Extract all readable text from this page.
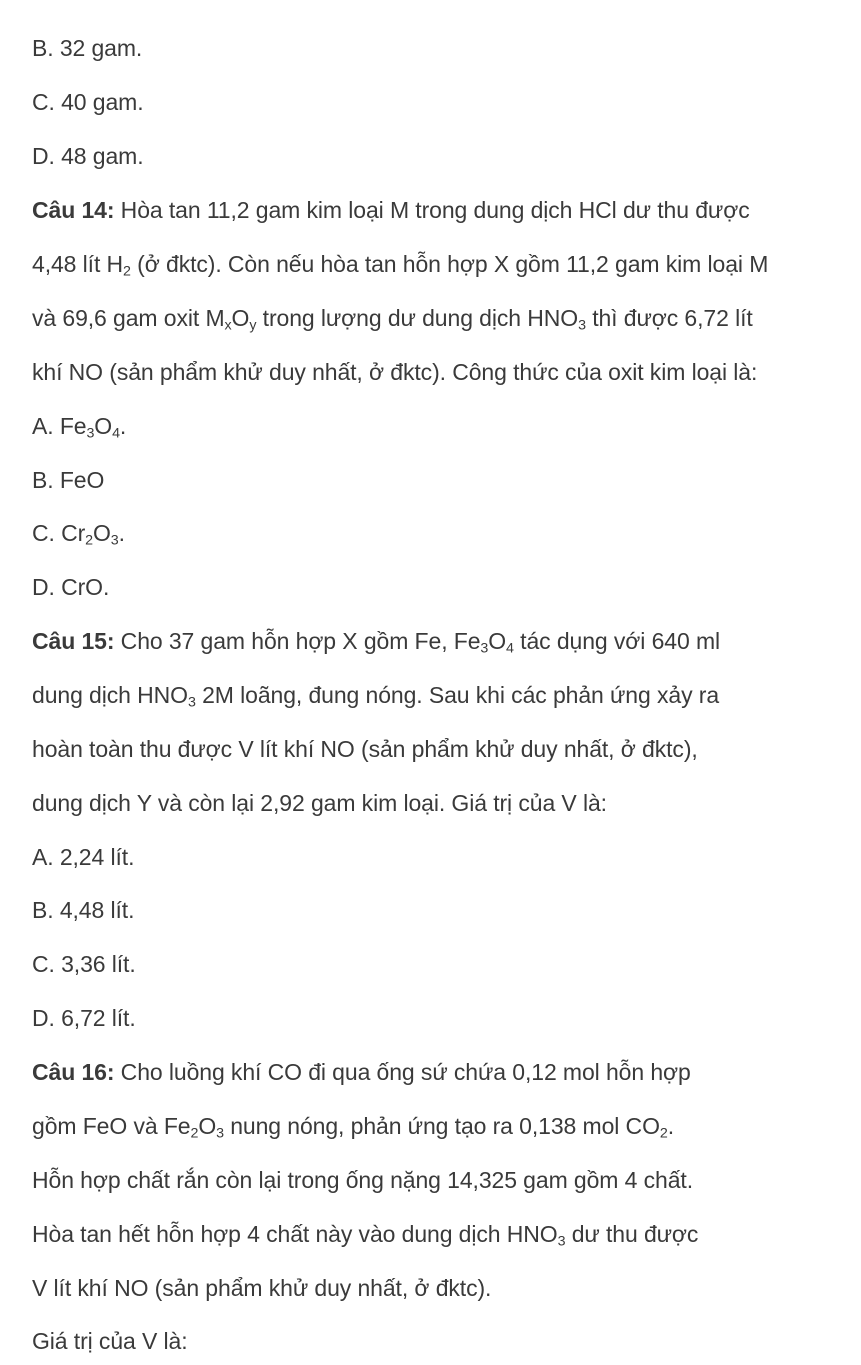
B. 32 gam.
C. 40 gam.
D. 48 gam.
Câu 14: Hòa tan 11,2 gam kim loại M trong dung dịch HCl dư thu được
4,48 lít $H_2$ (ở đktc). Còn nếu hòa tan hỗn hợp X gồm 11,2 gam kim loại M
và 69,6 gam oxit $M_xO_y$ trong lượng dư dung dịch $HNO_3$ thì được 6,72 lít
khí NO (sản phẩm khử duy nhất, ở đktc). Công thức của oxit kim loại là:
A. $Fe_3O_4$.
B. FeO
C. $Cr_2O_3$.
D. CrO.
Câu 15: Cho 37 gam hỗn hợp X gồm Fe, $Fe_3O_4$ tác dụng với 640 ml
dung dịch $HNO_3$ 2M loãng, đung nóng. Sau khi các phản ứng xảy ra
hoàn toàn thu được V lít khí NO (sản phẩm khử duy nhất, ở đktc),
dung dịch Y và còn lại 2,92 gam kim loại. Giá trị của V là:
A. 2,24 lít.
B. 4,48 lít.
C. 3,36 lít.
D. 6,72 lít.
Câu 16: Cho luồng khí CO đi qua ống sứ chứa 0,12 mol hỗn hợp
gồm FeO và $Fe_2O_3$ nung nóng, phản ứng tạo ra 0,138 mol $CO_2$.
Hỗn hợp chất rắn còn lại trong ống nặng 14,325 gam gồm 4 chất.
Hòa tan hết hỗn hợp 4 chất này vào dung dịch $HNO_3$ dư thu được
V lít khí NO (sản phẩm khử duy nhất, ở đktc).
Giá trị của V là:
